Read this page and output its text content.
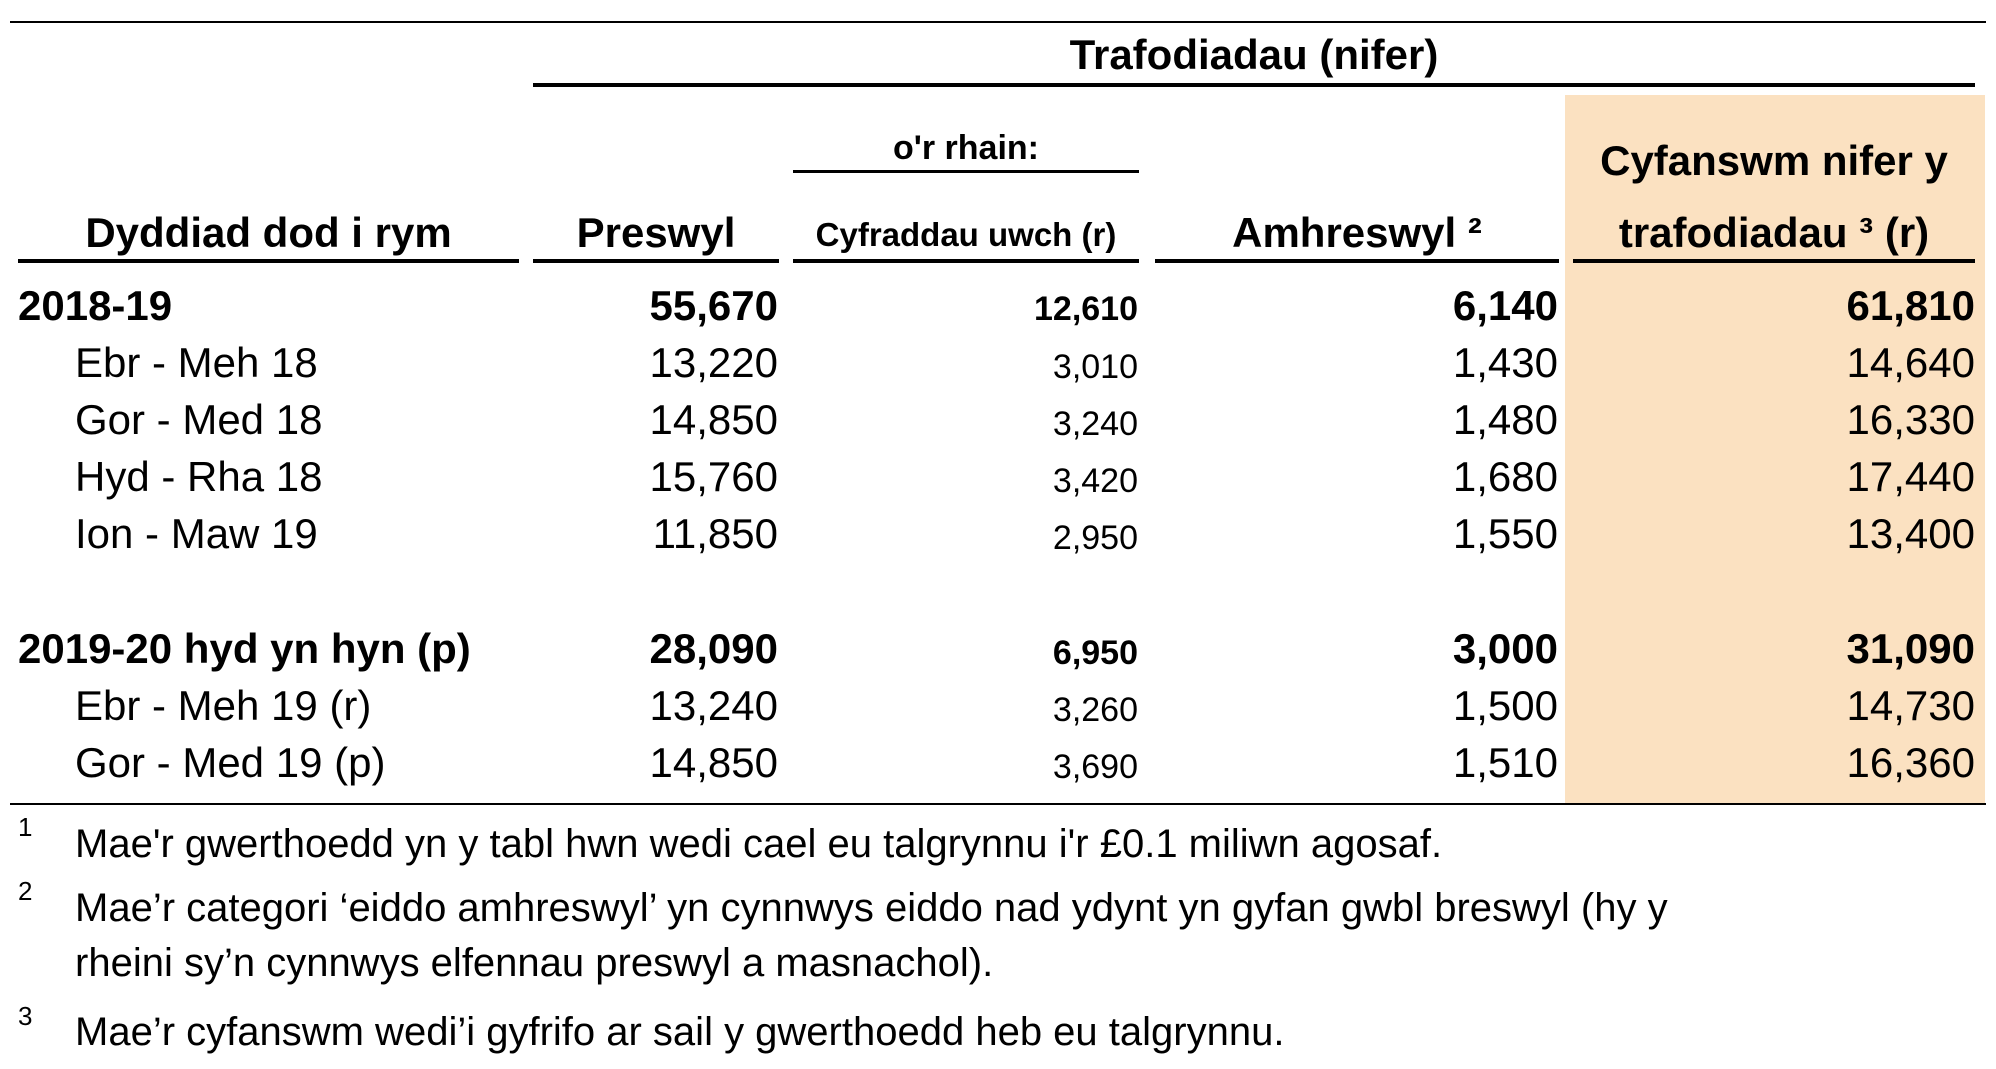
Trafodiadau (nifer)
o'r rhain:
Dyddiad dod i rym	Preswyl	Cyfraddau uwch (r)	Amhreswyl ²
Cyfanswm nifer y
trafodiadau ³ (r)
2018-19	55,670	12,610	6,140	61,810
Ebr - Meh 18	13,220	3,010	1,430	14,640
Gor - Med 18	14,850	3,240	1,480	16,330
Hyd - Rha 18	15,760	3,420	1,680	17,440
Ion - Maw 19	11,850	2,950	1,550	13,400
2019-20 hyd yn hyn (p)	28,090	6,950	3,000	31,090
Ebr - Meh 19 (r)	13,240	3,260	1,500	14,730
Gor - Med 19 (p)	14,850	3,690	1,510	16,360
1 Mae'r gwerthoedd yn y tabl hwn wedi cael eu talgrynnu i'r £0.1 miliwn agosaf.
2 Mae’r categori ‘eiddo amhreswyl’ yn cynnwys eiddo nad ydynt yn gyfan gwbl breswyl (hy y
rheini sy’n cynnwys elfennau preswyl a masnachol).
3 Mae’r cyfanswm wedi’i gyfrifo ar sail y gwerthoedd heb eu talgrynnu.
